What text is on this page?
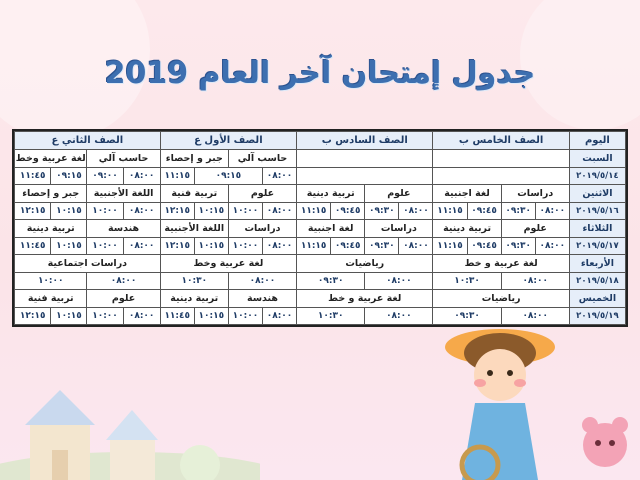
جدول إمتحان آخر العام 2019
اليوم	الصف الخامس ب				الصف السادس ب				الصف الأول ع				الصف الثاني ع			
السبت									حاسب آلي		جبر و إحصاء		حاسب آلي		لغة عربية وخط	
٢٠١٩/٥/١٤									٠٨:٠٠	٠٩:١٥		١١:١٥	٠٨:٠٠	٠٩:٠٠	٠٩:١٥	١١:٤٥
الاثنين	دراسات		لغة اجنبية		علوم		تربية دينية		علوم		تربية فنية		اللغة الأجنبية		جبر و إحصاء	
٢٠١٩/٥/١٦	٠٨:٠٠	٠٩:٣٠	٠٩:٤٥	١١:١٥	٠٨:٠٠	٠٩:٣٠	٠٩:٤٥	١١:١٥	٠٨:٠٠	١٠:٠٠	١٠:١٥	١٢:١٥	٠٨:٠٠	١٠:٠٠	١٠:١٥	١٢:١٥
الثلاثاء	علوم		تربية دينية		دراسات		لغة اجنبية		دراسات		اللغة الأجنبية		هندسة		تربية دينية	
٢٠١٩/٥/١٧	٠٨:٠٠	٠٩:٣٠	٠٩:٤٥	١١:١٥	٠٨:٠٠	٠٩:٣٠	٠٩:٤٥	١١:١٥	٠٨:٠٠	١٠:٠٠	١٠:١٥	١٢:١٥	٠٨:٠٠	١٠:٠٠	١٠:١٥	١١:٤٥
الأربعاء	لغة عربية و خط				رياضيات				لغة عربية وخط				دراسات اجتماعية			
٢٠١٩/٥/١٨	٠٨:٠٠		١٠:٣٠		٠٨:٠٠		٠٩:٣٠		٠٨:٠٠		١٠:٣٠		٠٨:٠٠		١٠:٠٠	
الخميس	رياضيات				لغة عربية و خط				هندسة		تربية دينية		علوم		تربية فنية	
٢٠١٩/٥/١٩	٠٨:٠٠		٠٩:٣٠		٠٨:٠٠		١٠:٣٠		٠٨:٠٠	١٠:٠٠	١٠:١٥	١١:٤٥	٠٨:٠٠	١٠:٠٠	١٠:١٥	١٢:١٥
